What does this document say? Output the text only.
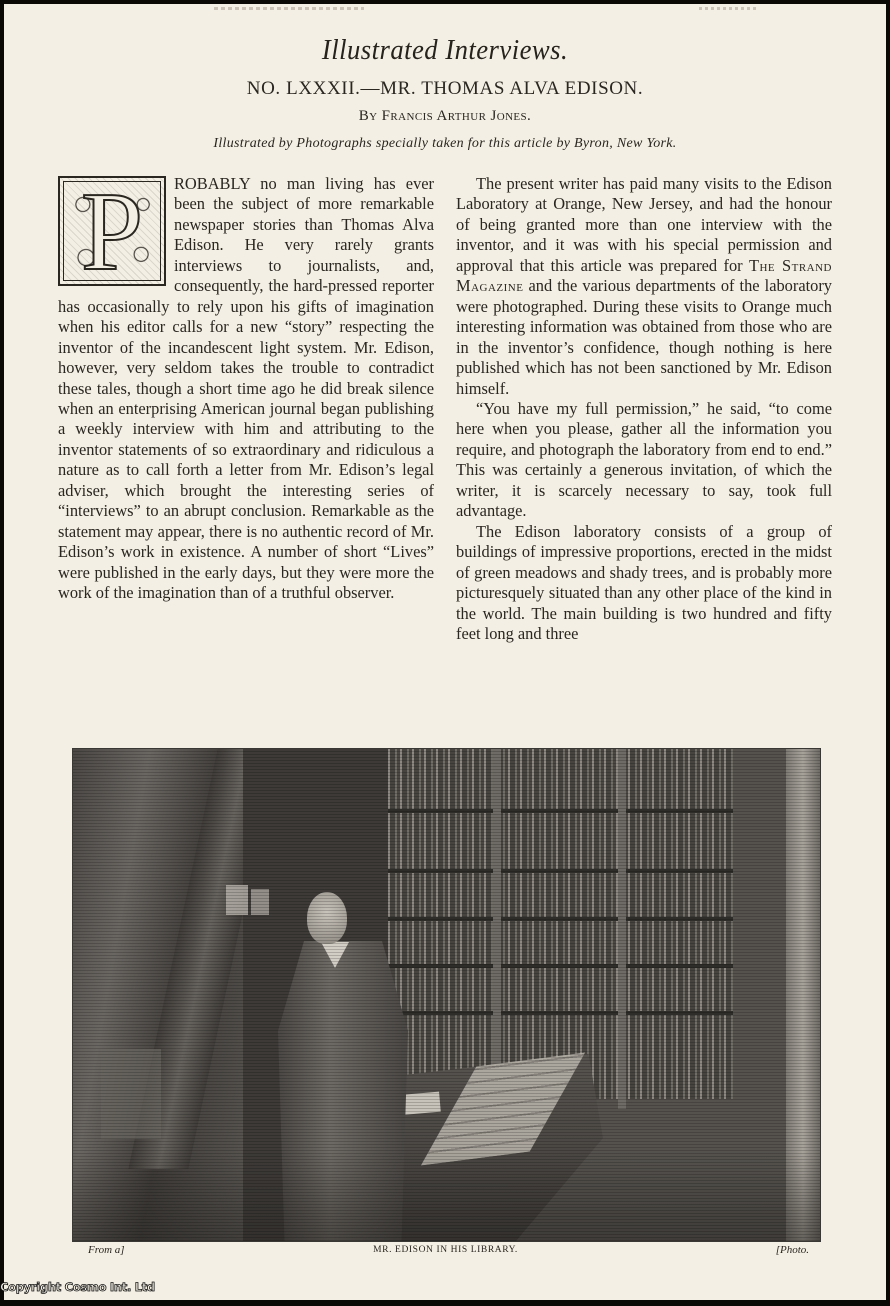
Illustrated Interviews.
NO. LXXXII.—MR. THOMAS ALVA EDISON.
By Francis Arthur Jones.
Illustrated by Photographs specially taken for this article by Byron, New York.
P	ROBABLY no man living has ever been the subject of more remarkable newspaper stories than Thomas Alva Edison. He very rarely grants interviews to journalists, and, consequently, the hard-pressed reporter has occasionally to rely upon his gifts of imagination when his editor calls for a new “story” respecting the inventor of the incandescent light system. Mr. Edison, however, very seldom takes the trouble to contradict these tales, though a short time ago he did break silence when an enterprising American journal began publishing a weekly interview with him and attributing to the inventor statements of so extraordinary and ridiculous a nature as to call forth a letter from Mr. Edison’s legal adviser, which brought the interesting series of “interviews” to an abrupt conclusion. Remarkable as the statement may appear, there is no authentic record of Mr. Edison’s work in existence. A number of short “Lives” were published in the early days, but they were more the work of the imagination than of a truthful observer.

The present writer has paid many visits to the Edison Laboratory at Orange, New Jersey, and had the honour of being granted more than one interview with the inventor, and it was with his special permission and approval that this article was prepared for The Strand Magazine and the various departments of the laboratory were photographed. During these visits to Orange much interesting information was obtained from those who are in the inventor’s confidence, though nothing is here published which has not been sanctioned by Mr. Edison himself.

“You have my full permission,” he said, “to come here when you please, gather all the information you require, and photograph the laboratory from end to end.” This was certainly a generous invitation, of which the writer, it is scarcely necessary to say, took full advantage.

The Edison laboratory consists of a group of buildings of impressive proportions, erected in the midst of green meadows and shady trees, and is probably more picturesquely situated than any other place of the kind in the world. The main building is two hundred and fifty feet long and three

From a]	MR. EDISON IN HIS LIBRARY.	[Photo.
Copyright Cosmo Int. Ltd
